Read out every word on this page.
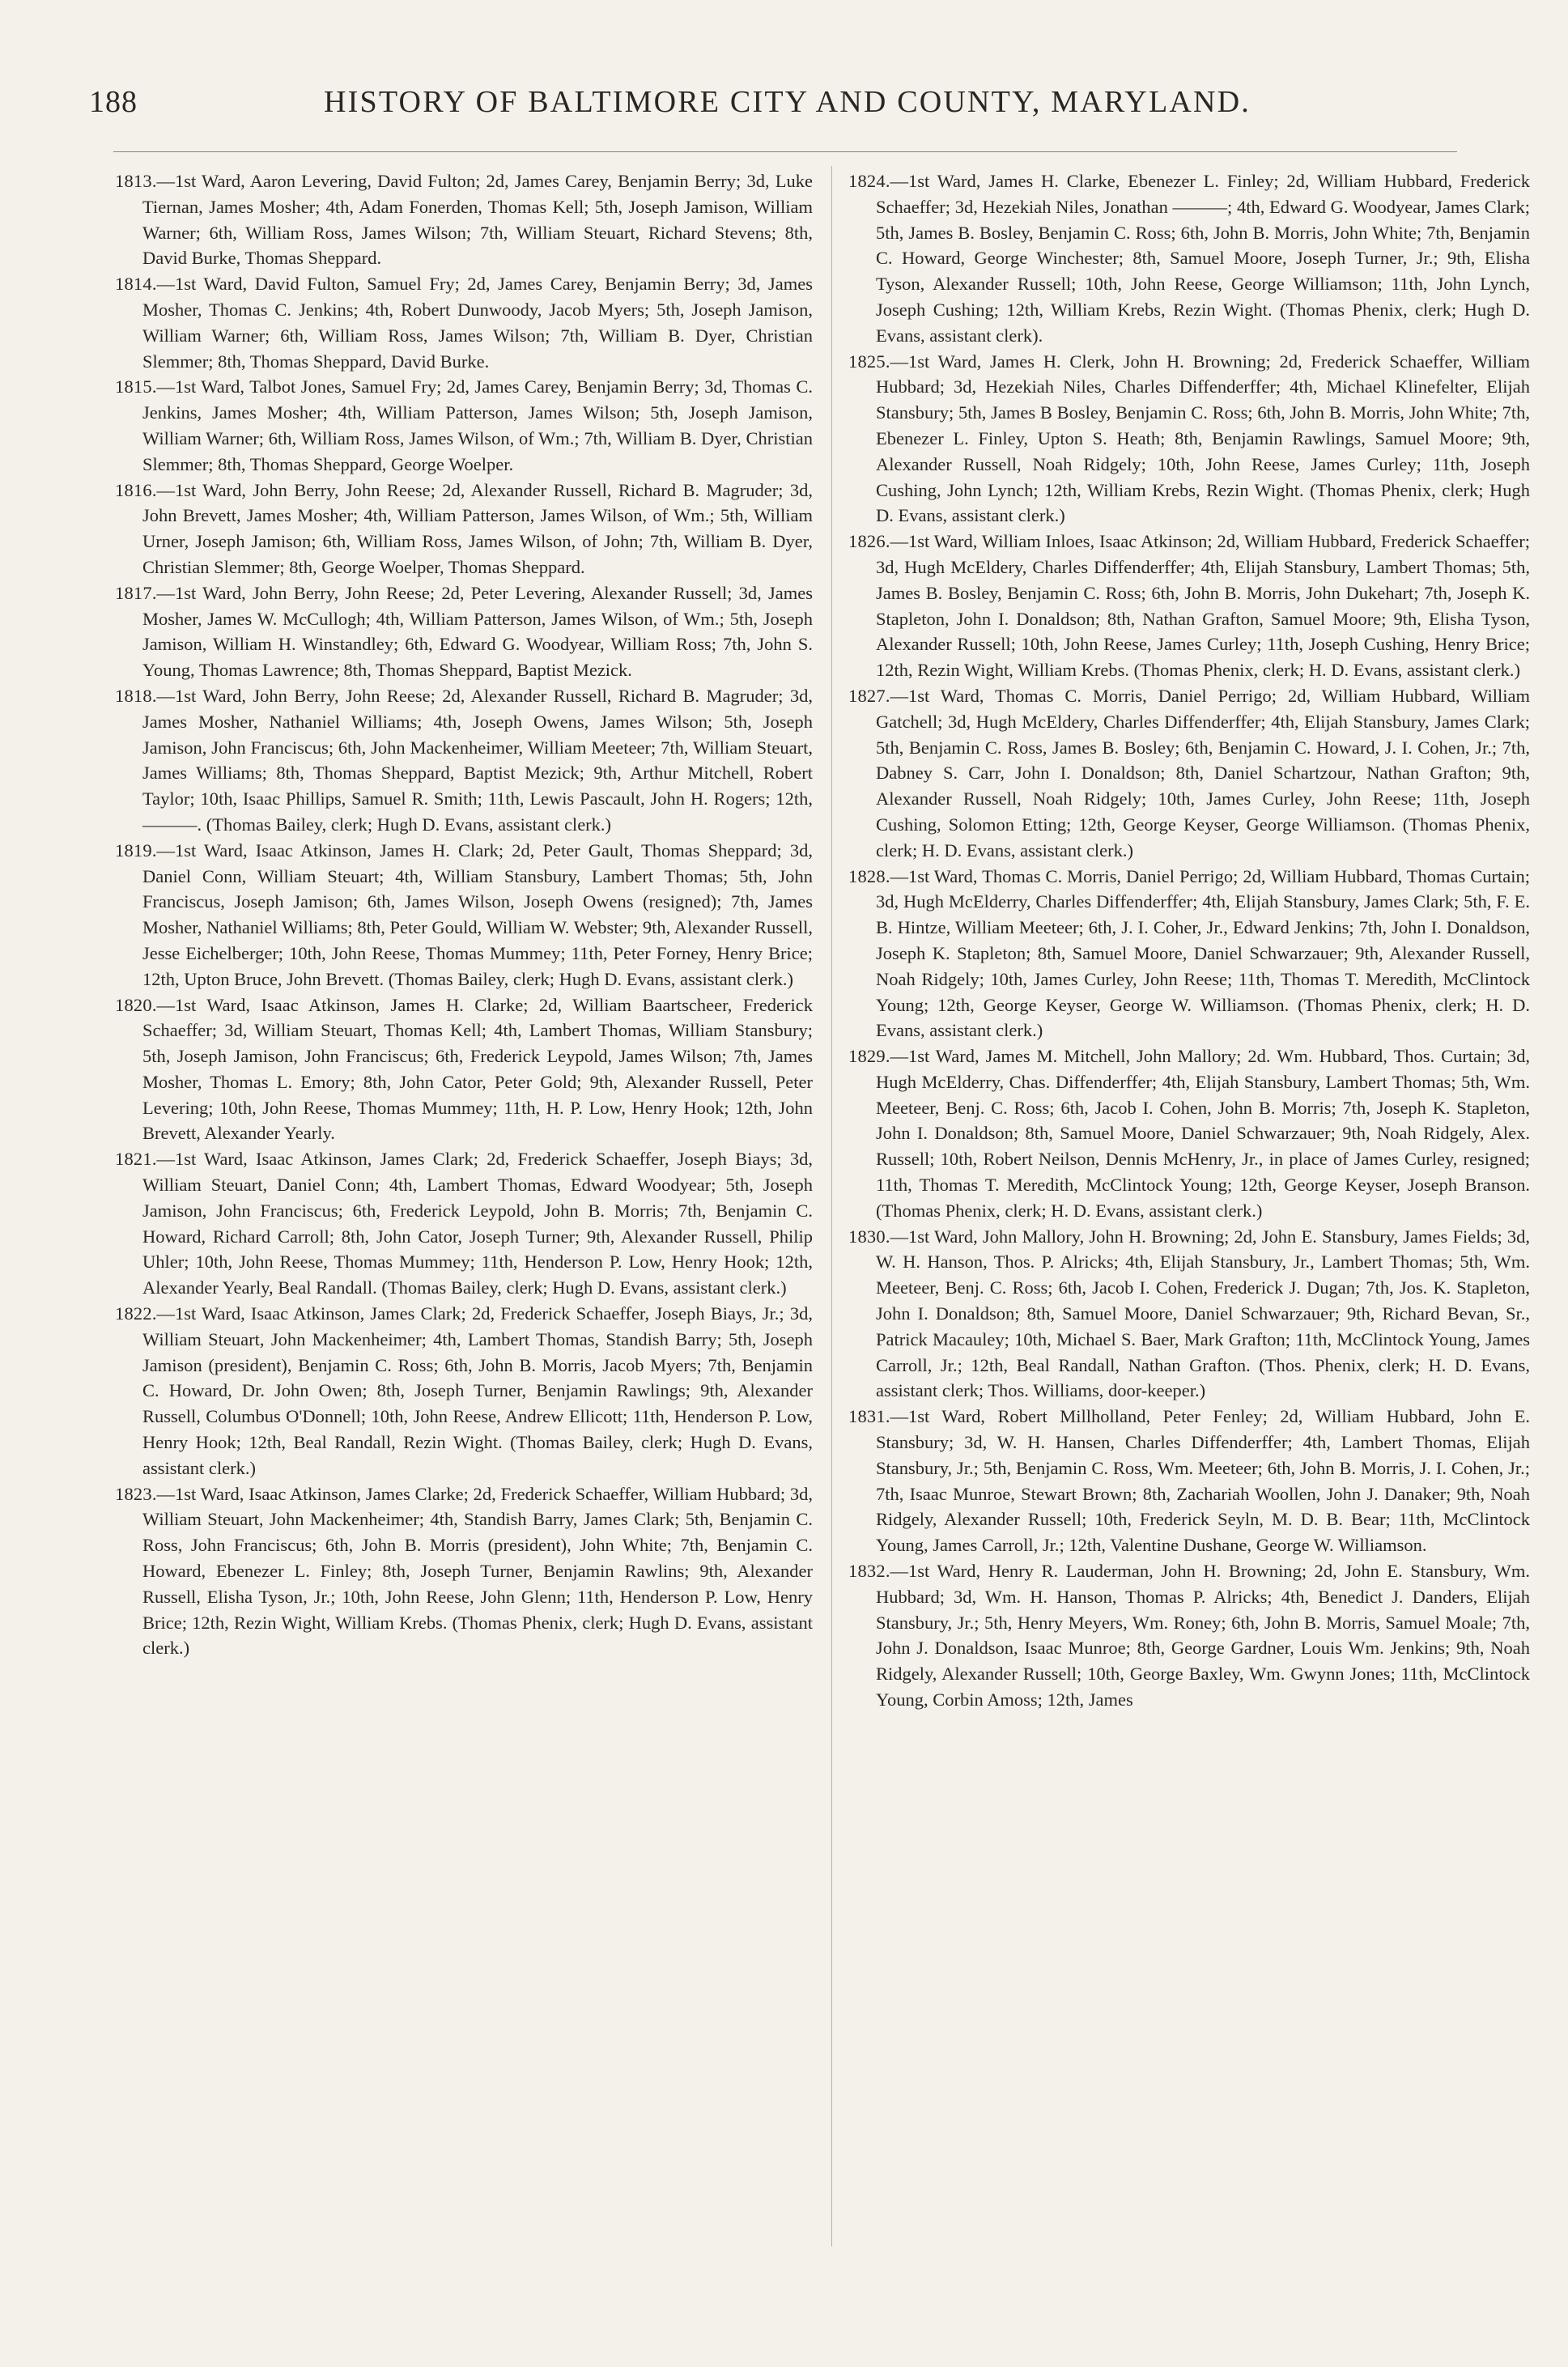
188	HISTORY OF BALTIMORE CITY AND COUNTY, MARYLAND.

1813.—1st Ward, Aaron Levering, David Fulton; 2d, James Carey, Benjamin Berry; 3d, Luke Tiernan, James Mosher; 4th, Adam Fonerden, Thomas Kell; 5th, Joseph Jamison, William Warner; 6th, William Ross, James Wilson; 7th, William Steuart, Richard Stevens; 8th, David Burke, Thomas Sheppard.

1814.—1st Ward, David Fulton, Samuel Fry; 2d, James Carey, Benjamin Berry; 3d, James Mosher, Thomas C. Jenkins; 4th, Robert Dunwoody, Jacob Myers; 5th, Joseph Jamison, William Warner; 6th, William Ross, James Wilson; 7th, William B. Dyer, Christian Slemmer; 8th, Thomas Sheppard, David Burke.

1815.—1st Ward, Talbot Jones, Samuel Fry; 2d, James Carey, Benjamin Berry; 3d, Thomas C. Jenkins, James Mosher; 4th, William Patterson, James Wilson; 5th, Joseph Jamison, William Warner; 6th, William Ross, James Wilson, of Wm.; 7th, William B. Dyer, Christian Slemmer; 8th, Thomas Sheppard, George Woelper.

1816.—1st Ward, John Berry, John Reese; 2d, Alexander Russell, Richard B. Magruder; 3d, John Brevett, James Mosher; 4th, William Patterson, James Wilson, of Wm.; 5th, William Urner, Joseph Jamison; 6th, William Ross, James Wilson, of John; 7th, William B. Dyer, Christian Slemmer; 8th, George Woelper, Thomas Sheppard.

1817.—1st Ward, John Berry, John Reese; 2d, Peter Levering, Alexander Russell; 3d, James Mosher, James W. McCullogh; 4th, William Patterson, James Wilson, of Wm.; 5th, Joseph Jamison, William H. Winstandley; 6th, Edward G. Woodyear, William Ross; 7th, John S. Young, Thomas Lawrence; 8th, Thomas Sheppard, Baptist Mezick.

1818.—1st Ward, John Berry, John Reese; 2d, Alexander Russell, Richard B. Magruder; 3d, James Mosher, Nathaniel Williams; 4th, Joseph Owens, James Wilson; 5th, Joseph Jamison, John Franciscus; 6th, John Mackenheimer, William Meeteer; 7th, William Steuart, James Williams; 8th, Thomas Sheppard, Baptist Mezick; 9th, Arthur Mitchell, Robert Taylor; 10th, Isaac Phillips, Samuel R. Smith; 11th, Lewis Pascault, John H. Rogers; 12th, ———. (Thomas Bailey, clerk; Hugh D. Evans, assistant clerk.)

1819.—1st Ward, Isaac Atkinson, James H. Clark; 2d, Peter Gault, Thomas Sheppard; 3d, Daniel Conn, William Steuart; 4th, William Stansbury, Lambert Thomas; 5th, John Franciscus, Joseph Jamison; 6th, James Wilson, Joseph Owens (resigned); 7th, James Mosher, Nathaniel Williams; 8th, Peter Gould, William W. Webster; 9th, Alexander Russell, Jesse Eichelberger; 10th, John Reese, Thomas Mummey; 11th, Peter Forney, Henry Brice; 12th, Upton Bruce, John Brevett. (Thomas Bailey, clerk; Hugh D. Evans, assistant clerk.)

1820.—1st Ward, Isaac Atkinson, James H. Clarke; 2d, William Baartscheer, Frederick Schaeffer; 3d, William Steuart, Thomas Kell; 4th, Lambert Thomas, William Stansbury; 5th, Joseph Jamison, John Franciscus; 6th, Frederick Leypold, James Wilson; 7th, James Mosher, Thomas L. Emory; 8th, John Cator, Peter Gold; 9th, Alexander Russell, Peter Levering; 10th, John Reese, Thomas Mummey; 11th, H. P. Low, Henry Hook; 12th, John Brevett, Alexander Yearly.

1821.—1st Ward, Isaac Atkinson, James Clark; 2d, Frederick Schaeffer, Joseph Biays; 3d, William Steuart, Daniel Conn; 4th, Lambert Thomas, Edward Woodyear; 5th, Joseph Jamison, John Franciscus; 6th, Frederick Leypold, John B. Morris; 7th, Benjamin C. Howard, Richard Carroll; 8th, John Cator, Joseph Turner; 9th, Alexander Russell, Philip Uhler; 10th, John Reese, Thomas Mummey; 11th, Henderson P. Low, Henry Hook; 12th, Alexander Yearly, Beal Randall. (Thomas Bailey, clerk; Hugh D. Evans, assistant clerk.)

1822.—1st Ward, Isaac Atkinson, James Clark; 2d, Frederick Schaeffer, Joseph Biays, Jr.; 3d, William Steuart, John Mackenheimer; 4th, Lambert Thomas, Standish Barry; 5th, Joseph Jamison (president), Benjamin C. Ross; 6th, John B. Morris, Jacob Myers; 7th, Benjamin C. Howard, Dr. John Owen; 8th, Joseph Turner, Benjamin Rawlings; 9th, Alexander Russell, Columbus O'Donnell; 10th, John Reese, Andrew Ellicott; 11th, Henderson P. Low, Henry Hook; 12th, Beal Randall, Rezin Wight. (Thomas Bailey, clerk; Hugh D. Evans, assistant clerk.)

1823.—1st Ward, Isaac Atkinson, James Clarke; 2d, Frederick Schaeffer, William Hubbard; 3d, William Steuart, John Mackenheimer; 4th, Standish Barry, James Clark; 5th, Benjamin C. Ross, John Franciscus; 6th, John B. Morris (president), John White; 7th, Benjamin C. Howard, Ebenezer L. Finley; 8th, Joseph Turner, Benjamin Rawlins; 9th, Alexander Russell, Elisha Tyson, Jr.; 10th, John Reese, John Glenn; 11th, Henderson P. Low, Henry Brice; 12th, Rezin Wight, William Krebs. (Thomas Phenix, clerk; Hugh D. Evans, assistant clerk.)

1824.—1st Ward, James H. Clarke, Ebenezer L. Finley; 2d, William Hubbard, Frederick Schaeffer; 3d, Hezekiah Niles, Jonathan ———; 4th, Edward G. Woodyear, James Clark; 5th, James B. Bosley, Benjamin C. Ross; 6th, John B. Morris, John White; 7th, Benjamin C. Howard, George Winchester; 8th, Samuel Moore, Joseph Turner, Jr.; 9th, Elisha Tyson, Alexander Russell; 10th, John Reese, George Williamson; 11th, John Lynch, Joseph Cushing; 12th, William Krebs, Rezin Wight. (Thomas Phenix, clerk; Hugh D. Evans, assistant clerk).

1825.—1st Ward, James H. Clerk, John H. Browning; 2d, Frederick Schaeffer, William Hubbard; 3d, Hezekiah Niles, Charles Diffenderffer; 4th, Michael Klinefelter, Elijah Stansbury; 5th, James B Bosley, Benjamin C. Ross; 6th, John B. Morris, John White; 7th, Ebenezer L. Finley, Upton S. Heath; 8th, Benjamin Rawlings, Samuel Moore; 9th, Alexander Russell, Noah Ridgely; 10th, John Reese, James Curley; 11th, Joseph Cushing, John Lynch; 12th, William Krebs, Rezin Wight. (Thomas Phenix, clerk; Hugh D. Evans, assistant clerk.)

1826.—1st Ward, William Inloes, Isaac Atkinson; 2d, William Hubbard, Frederick Schaeffer; 3d, Hugh McEldery, Charles Diffenderffer; 4th, Elijah Stansbury, Lambert Thomas; 5th, James B. Bosley, Benjamin C. Ross; 6th, John B. Morris, John Dukehart; 7th, Joseph K. Stapleton, John I. Donaldson; 8th, Nathan Grafton, Samuel Moore; 9th, Elisha Tyson, Alexander Russell; 10th, John Reese, James Curley; 11th, Joseph Cushing, Henry Brice; 12th, Rezin Wight, William Krebs. (Thomas Phenix, clerk; H. D. Evans, assistant clerk.)

1827.—1st Ward, Thomas C. Morris, Daniel Perrigo; 2d, William Hubbard, William Gatchell; 3d, Hugh McEldery, Charles Diffenderffer; 4th, Elijah Stansbury, James Clark; 5th, Benjamin C. Ross, James B. Bosley; 6th, Benjamin C. Howard, J. I. Cohen, Jr.; 7th, Dabney S. Carr, John I. Donaldson; 8th, Daniel Schartzour, Nathan Grafton; 9th, Alexander Russell, Noah Ridgely; 10th, James Curley, John Reese; 11th, Joseph Cushing, Solomon Etting; 12th, George Keyser, George Williamson. (Thomas Phenix, clerk; H. D. Evans, assistant clerk.)

1828.—1st Ward, Thomas C. Morris, Daniel Perrigo; 2d, William Hubbard, Thomas Curtain; 3d, Hugh McElderry, Charles Diffenderffer; 4th, Elijah Stansbury, James Clark; 5th, F. E. B. Hintze, William Meeteer; 6th, J. I. Coher, Jr., Edward Jenkins; 7th, John I. Donaldson, Joseph K. Stapleton; 8th, Samuel Moore, Daniel Schwarzauer; 9th, Alexander Russell, Noah Ridgely; 10th, James Curley, John Reese; 11th, Thomas T. Meredith, McClintock Young; 12th, George Keyser, George W. Williamson. (Thomas Phenix, clerk; H. D. Evans, assistant clerk.)

1829.—1st Ward, James M. Mitchell, John Mallory; 2d. Wm. Hubbard, Thos. Curtain; 3d, Hugh McElderry, Chas. Diffenderffer; 4th, Elijah Stansbury, Lambert Thomas; 5th, Wm. Meeteer, Benj. C. Ross; 6th, Jacob I. Cohen, John B. Morris; 7th, Joseph K. Stapleton, John I. Donaldson; 8th, Samuel Moore, Daniel Schwarzauer; 9th, Noah Ridgely, Alex. Russell; 10th, Robert Neilson, Dennis McHenry, Jr., in place of James Curley, resigned; 11th, Thomas T. Meredith, McClintock Young; 12th, George Keyser, Joseph Branson. (Thomas Phenix, clerk; H. D. Evans, assistant clerk.)

1830.—1st Ward, John Mallory, John H. Browning; 2d, John E. Stansbury, James Fields; 3d, W. H. Hanson, Thos. P. Alricks; 4th, Elijah Stansbury, Jr., Lambert Thomas; 5th, Wm. Meeteer, Benj. C. Ross; 6th, Jacob I. Cohen, Frederick J. Dugan; 7th, Jos. K. Stapleton, John I. Donaldson; 8th, Samuel Moore, Daniel Schwarzauer; 9th, Richard Bevan, Sr., Patrick Macauley; 10th, Michael S. Baer, Mark Grafton; 11th, McClintock Young, James Carroll, Jr.; 12th, Beal Randall, Nathan Grafton. (Thos. Phenix, clerk; H. D. Evans, assistant clerk; Thos. Williams, door-keeper.)

1831.—1st Ward, Robert Millholland, Peter Fenley; 2d, William Hubbard, John E. Stansbury; 3d, W. H. Hansen, Charles Diffenderffer; 4th, Lambert Thomas, Elijah Stansbury, Jr.; 5th, Benjamin C. Ross, Wm. Meeteer; 6th, John B. Morris, J. I. Cohen, Jr.; 7th, Isaac Munroe, Stewart Brown; 8th, Zachariah Woollen, John J. Danaker; 9th, Noah Ridgely, Alexander Russell; 10th, Frederick Seyln, M. D. B. Bear; 11th, McClintock Young, James Carroll, Jr.; 12th, Valentine Dushane, George W. Williamson.

1832.—1st Ward, Henry R. Lauderman, John H. Browning; 2d, John E. Stansbury, Wm. Hubbard; 3d, Wm. H. Hanson, Thomas P. Alricks; 4th, Benedict J. Danders, Elijah Stansbury, Jr.; 5th, Henry Meyers, Wm. Roney; 6th, John B. Morris, Samuel Moale; 7th, John J. Donaldson, Isaac Munroe; 8th, George Gardner, Louis Wm. Jenkins; 9th, Noah Ridgely, Alexander Russell; 10th, George Baxley, Wm. Gwynn Jones; 11th, McClintock Young, Corbin Amoss; 12th, James
